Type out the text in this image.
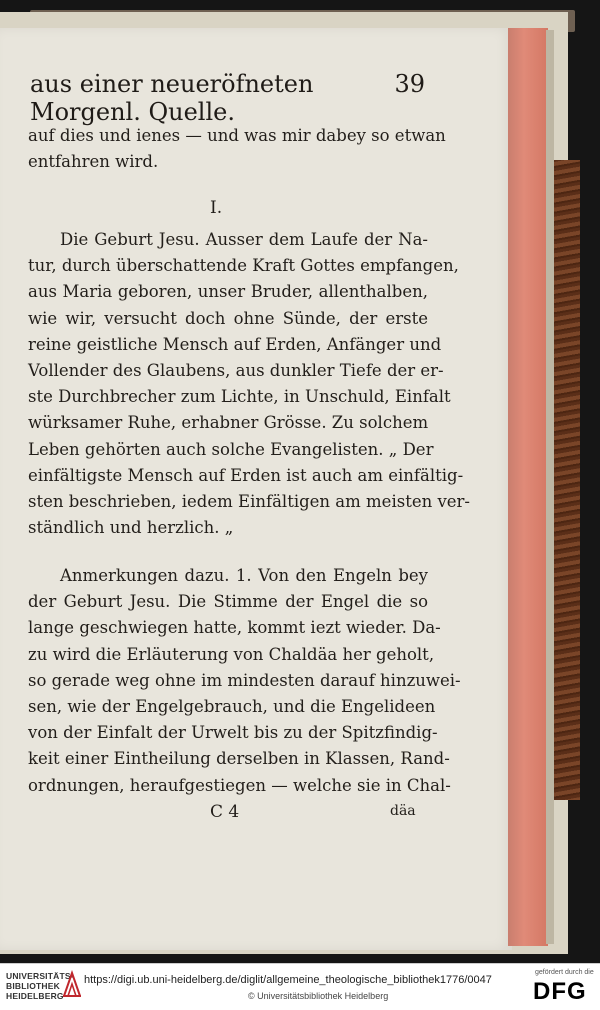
aus einer neueröfneten Morgenl. Quelle.
39
auf dies und ienes — und was mir dabey so etwan
entfahren wird.
I.
Die Geburt Jesu. Ausser dem Laufe der Na-
tur, durch überschattende Kraft Gottes empfangen,
aus Maria geboren, unser Bruder, allenthalben,
wie wir, versucht doch ohne Sünde, der erste
reine geistliche Mensch auf Erden, Anfänger und
Vollender des Glaubens, aus dunkler Tiefe der er-
ste Durchbrecher zum Lichte, in Unschuld, Einfalt
würksamer Ruhe, erhabner Grösse. Zu solchem
Leben gehörten auch solche Evangelisten. „ Der
einfältigste Mensch auf Erden ist auch am einfältig-
sten beschrieben, iedem Einfältigen am meisten ver-
ständlich und herzlich. „
Anmerkungen dazu. 1. Von den Engeln bey
der Geburt Jesu. Die Stimme der Engel die so
lange geschwiegen hatte, kommt iezt wieder. Da-
zu wird die Erläuterung von Chaldäa her geholt,
so gerade weg ohne im mindesten darauf hinzuwei-
sen, wie der Engelgebrauch, und die Engelideen
von der Einfalt der Urwelt bis zu der Spitzfindig-
keit einer Eintheilung derselben in Klassen, Rand-
ordnungen, heraufgestiegen — welche sie in Chal-
C 4	däa
UNIVERSITÄTS-
BIBLIOTHEK
HEIDELBERG
https://digi.ub.uni-heidelberg.de/diglit/allgemeine_theologische_bibliothek1776/0047
© Universitätsbibliothek Heidelberg
gefördert durch die
DFG
